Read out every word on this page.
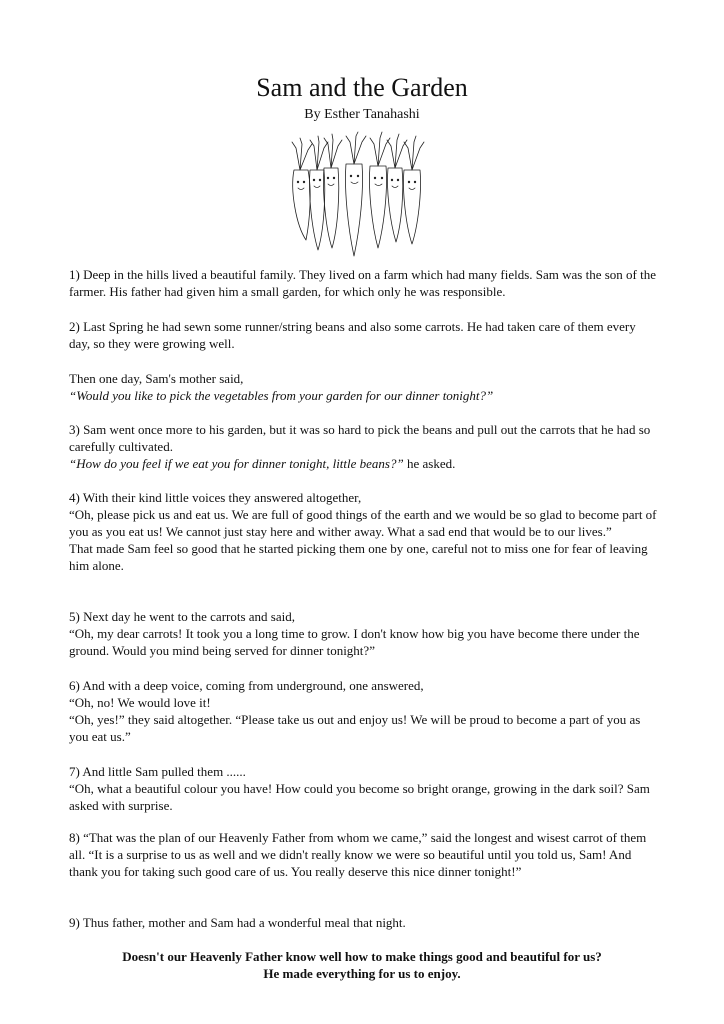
Sam and the Garden
By Esther Tanahashi

1) Deep in the hills lived a beautiful family. They lived on a farm which had many fields. Sam was the son of the farmer. His father had given him a small garden, for which only he was responsible.

2) Last Spring he had sewn some runner/string beans and also some carrots. He had taken care of them every day, so they were growing well.

Then one day, Sam's mother said,

“Would you like to pick the vegetables from your garden for our dinner tonight?”

3) Sam went once more to his garden, but it was so hard to pick the beans and pull out the carrots that he had so carefully cultivated.

“How do you feel if we eat you for dinner tonight, little beans?” he asked.

4) With their kind little voices they answered altogether,

“Oh, please pick us and eat us. We are full of good things of the earth and we would be so glad to become part of you as you eat us! We cannot just stay here and wither away. What a sad end that would be to our lives.”

That made Sam feel so good that he started picking them one by one, careful not to miss one for fear of leaving him alone.

5) Next day he went to the carrots and said,

“Oh, my dear carrots! It took you a long time to grow. I don't know how big you have become there under the ground. Would you mind being served for dinner tonight?”

6) And with a deep voice, coming from underground, one answered,

“Oh, no! We would love it!

“Oh, yes!” they said altogether. “Please take us out and enjoy us! We will be proud to become a part of you as you eat us.”

7) And little Sam pulled them ......

“Oh, what a beautiful colour you have! How could you become so bright orange, growing in the dark soil? Sam asked with surprise.

8) “That was the plan of our Heavenly Father from whom we came,” said the longest and wisest carrot of them all. “It is a surprise to us as well and we didn't really know we were so beautiful until you told us, Sam! And thank you for taking such good care of us. You really deserve this nice dinner tonight!”

9) Thus father, mother and Sam had a wonderful meal that night.

Doesn't our Heavenly Father know well how to make things good and beautiful for us?

He made everything for us to enjoy.
